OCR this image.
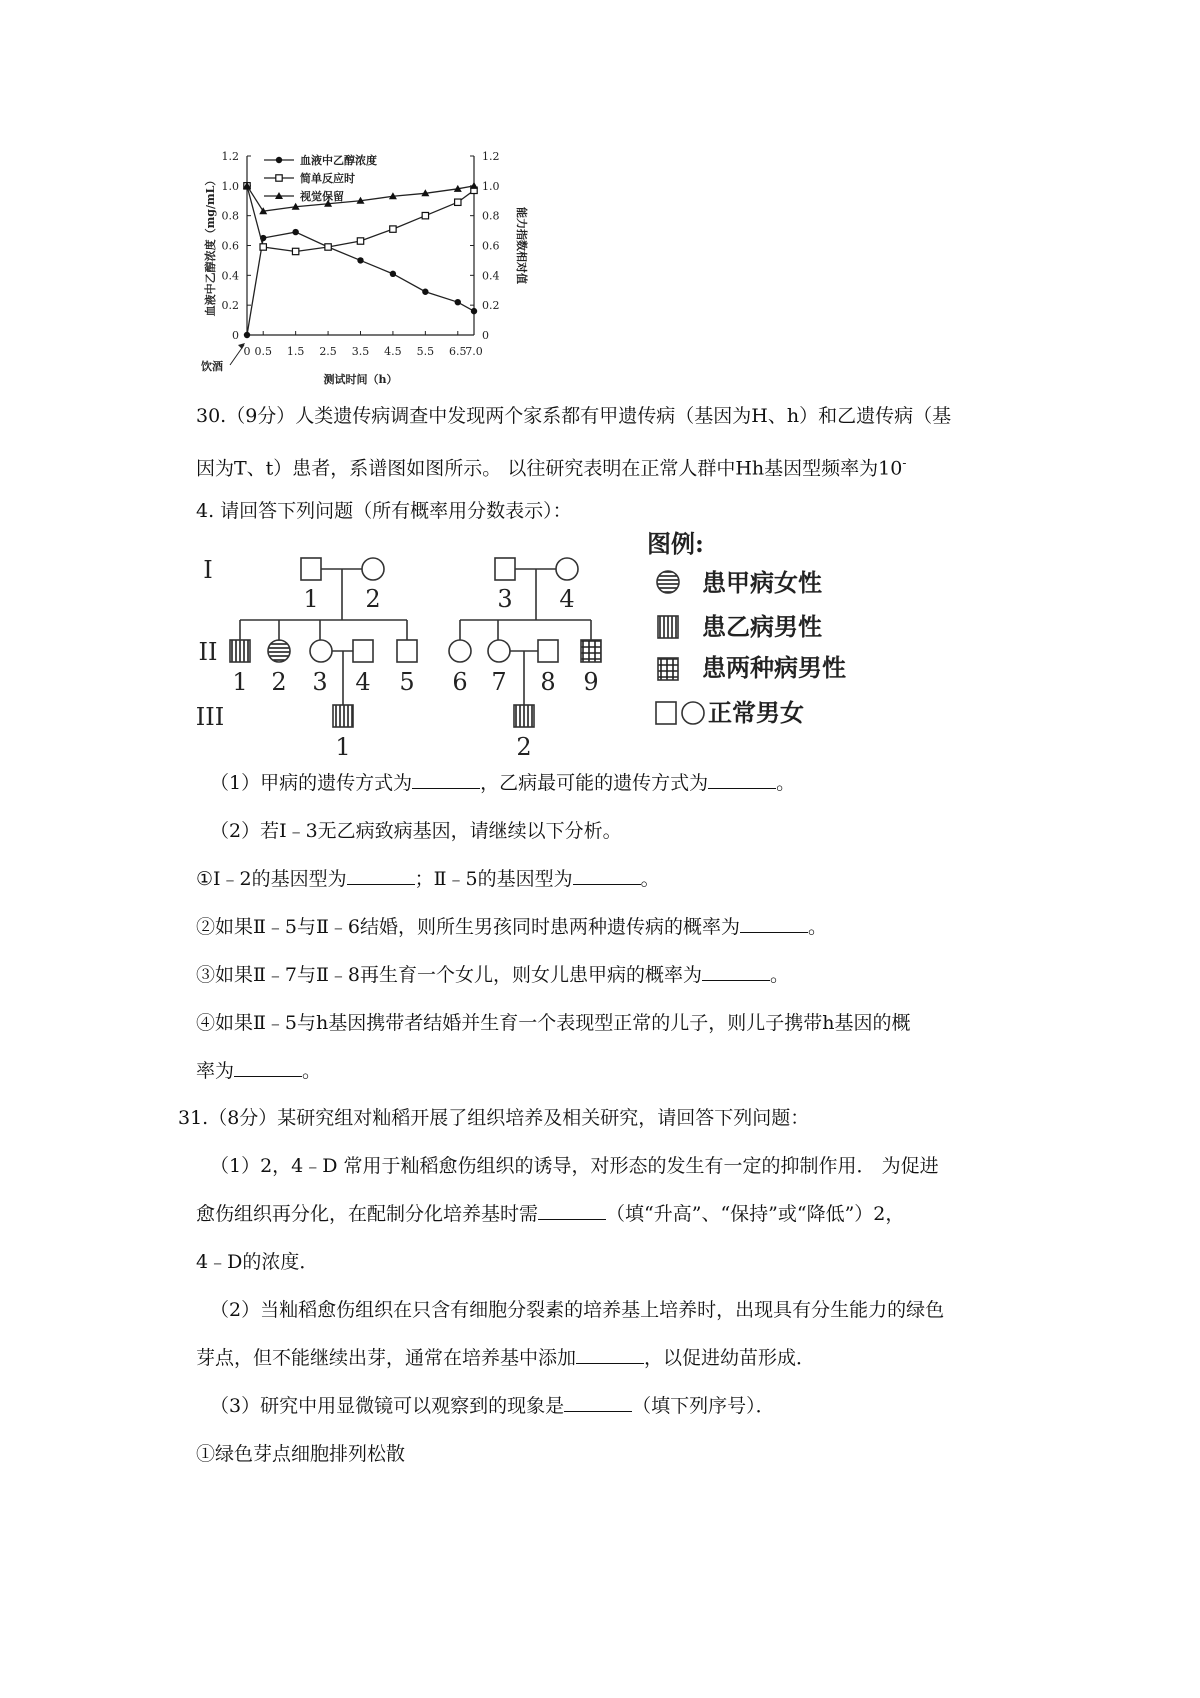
0	0
0.2	0.2
0.4	0.4
0.6	0.6
0.8	0.8
1.0	1.0
1.2	1.2
0 0.5 1.5 2.5 3.5 4.5 5.5 6.5
7.0
测试时间（h）
饮酒
血液中乙醇浓度（mg/mL）	能力指数相对值
血液中乙醇浓度
简单反应时
视觉保留
30.（9分）人类遗传病调查中发现两个家系都有甲遗传病（基因为H、h）和乙遗传病（基
因为T、t）患者，系谱图如图所示。 以往研究表明在正常人群中Hh基因型频率为10-
4. 请回答下列问题（所有概率用分数表示）：
I
II
III
1 2
1 2 3 4 5
1
3 4
6 7 8 9
2
图例:
患甲病女性
患乙病男性
患两种病男性
正常男女
（1）甲病的遗传方式为	，乙病最可能的遗传方式为	。
（2）若Ⅰ﹣3无乙病致病基因，请继续以下分析。
①Ⅰ﹣2的基因型为	；Ⅱ﹣5的基因型为	。
②如果Ⅱ﹣5与Ⅱ﹣6结婚，则所生男孩同时患两种遗传病的概率为	。
③如果Ⅱ﹣7与Ⅱ﹣8再生育一个女儿，则女儿患甲病的概率为	。
④如果Ⅱ﹣5与h基因携带者结婚并生育一个表现型正常的儿子，则儿子携带h基因的概
率为	。
31.（8分）某研究组对籼稻开展了组织培养及相关研究，请回答下列问题：
（1）2，4﹣D 常用于籼稻愈伤组织的诱导，对形态的发生有一定的抑制作用． 为促进
愈伤组织再分化，在配制分化培养基时需	（填“升高”、“保持”或“降低”）2，
4﹣D的浓度．
（2）当籼稻愈伤组织在只含有细胞分裂素的培养基上培养时，出现具有分生能力的绿色
芽点，但不能继续出芽，通常在培养基中添加	，以促进幼苗形成．
（3）研究中用显微镜可以观察到的现象是	（填下列序号）．
①绿色芽点细胞排列松散
